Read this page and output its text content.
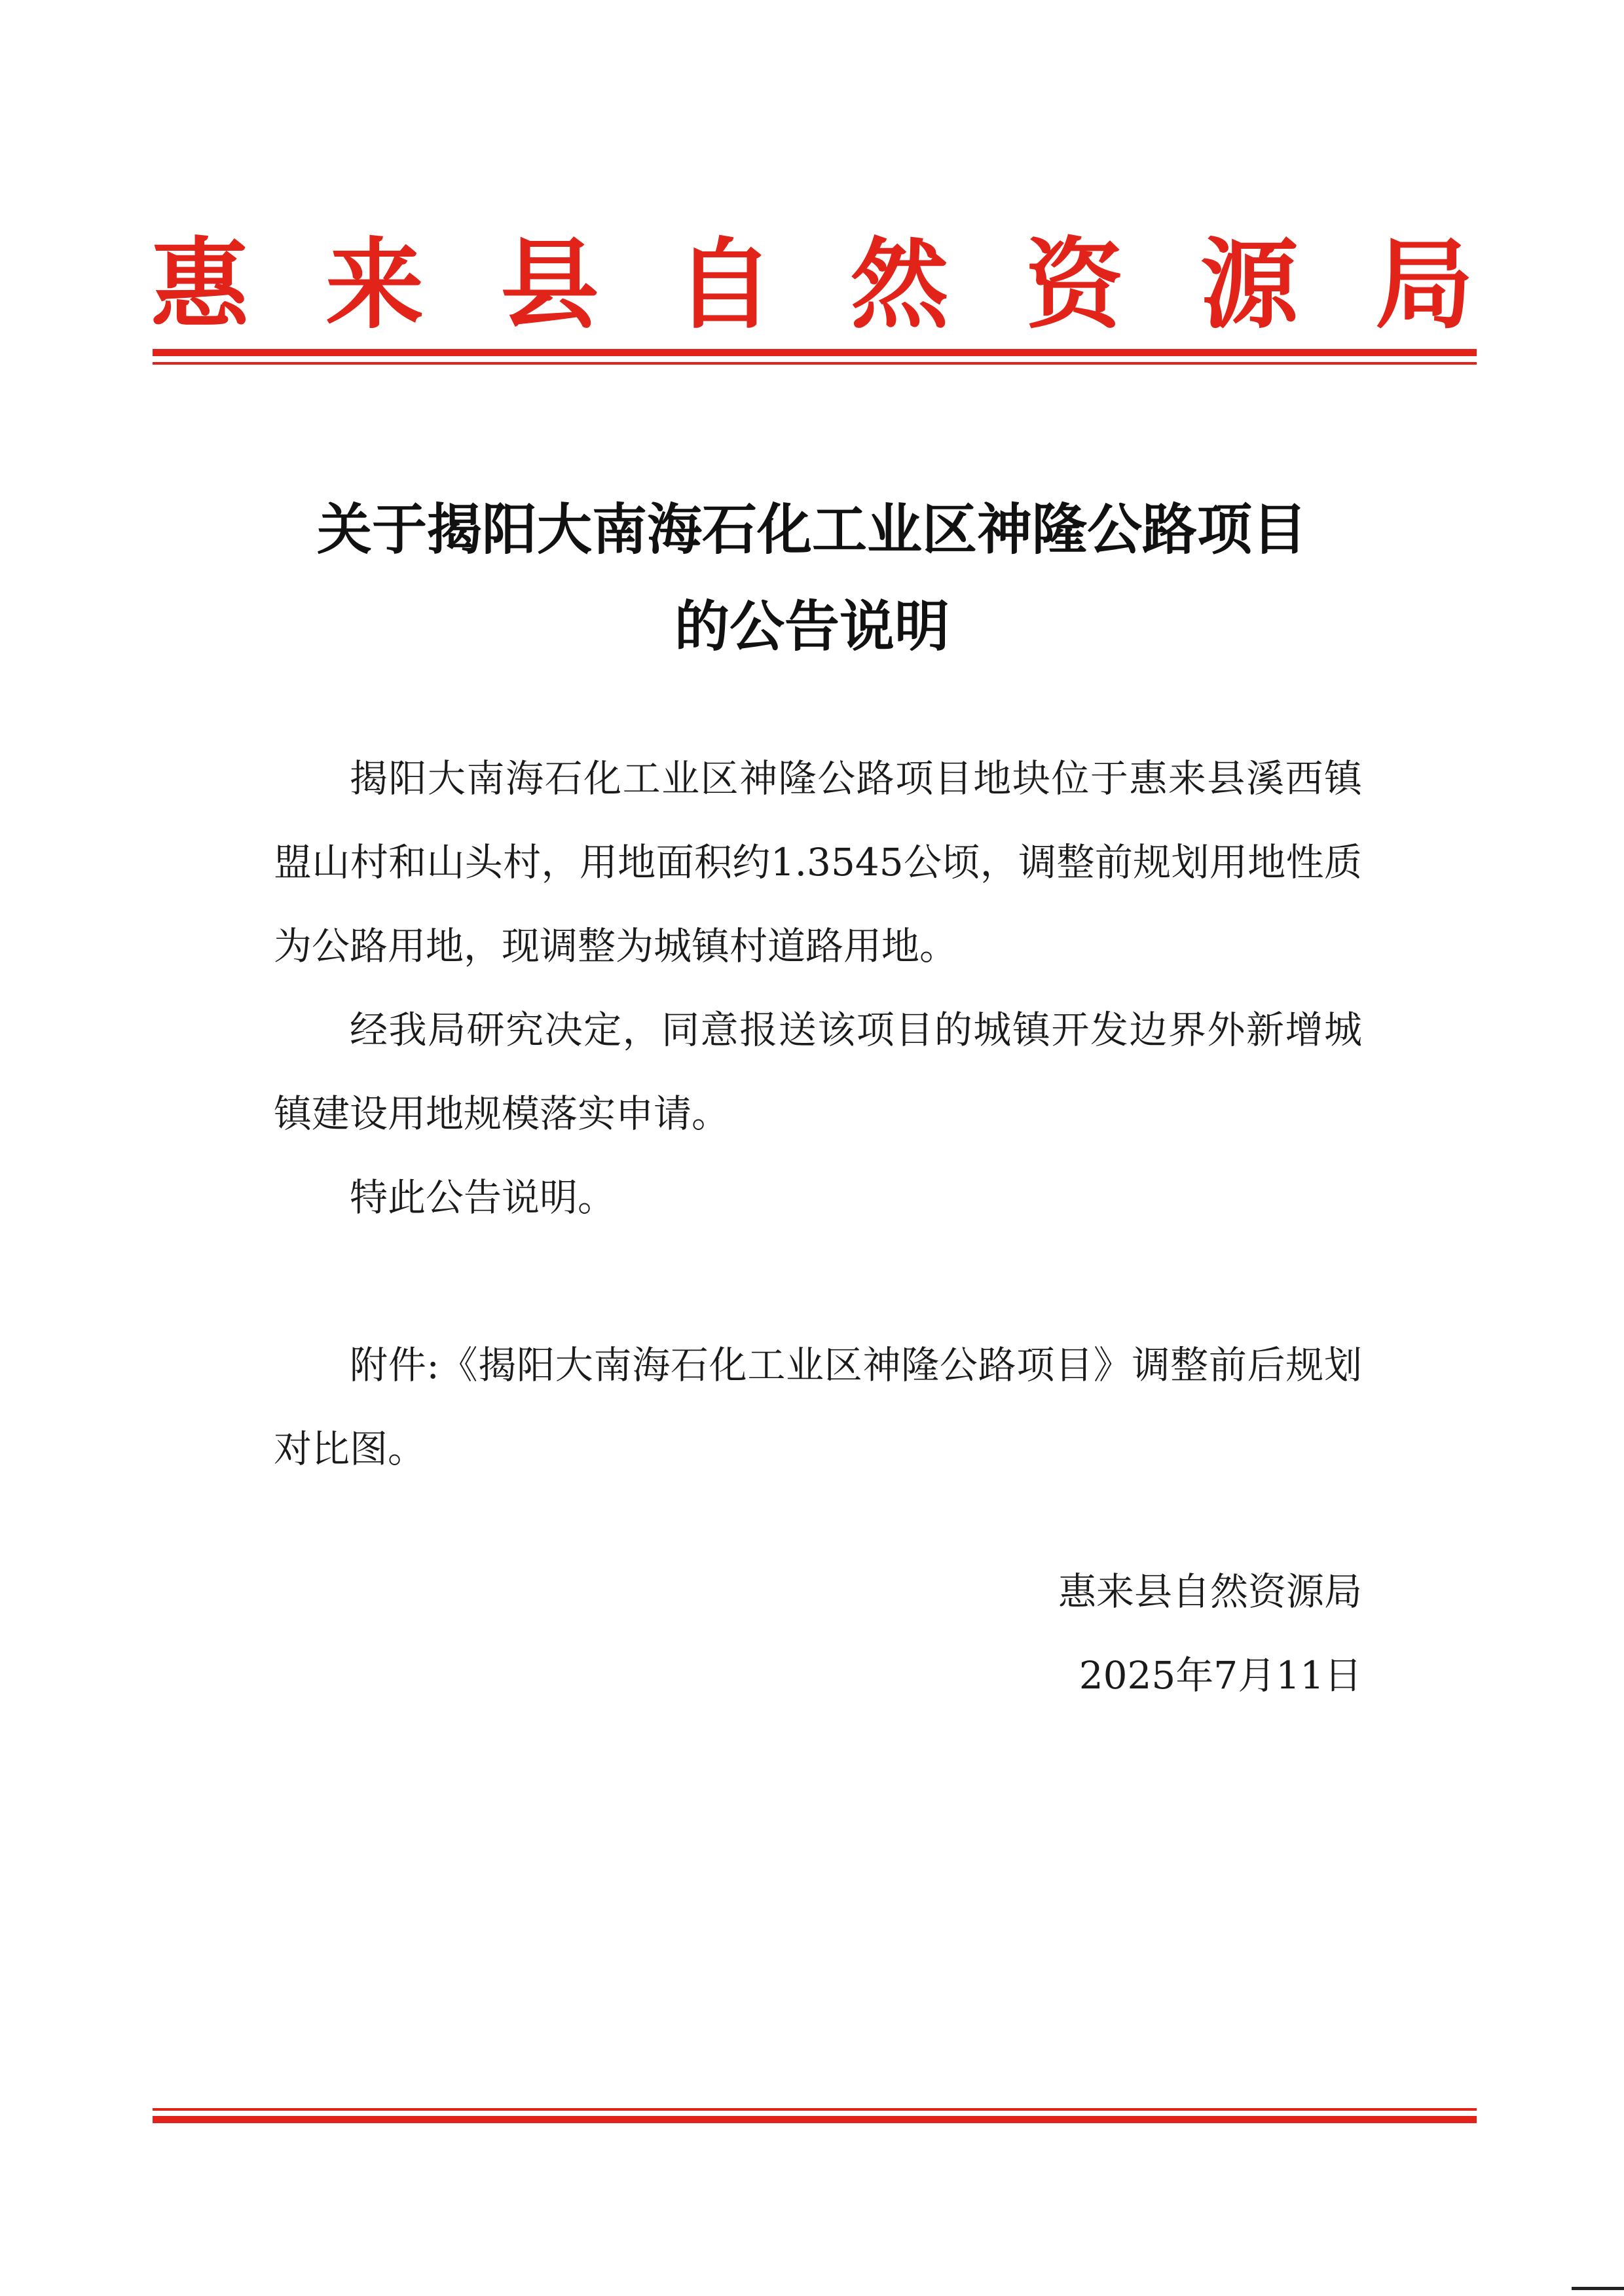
惠来县自然资源局
关于揭阳大南海石化工业区神隆公路项目
的公告说明

揭阳大南海石化工业区神隆公路项目地块位于惠来县溪西镇盟山村和山头村，用地面积约1.3545公顷，调整前规划用地性质为公路用地，现调整为城镇村道路用地。

经我局研究决定，同意报送该项目的城镇开发边界外新增城镇建设用地规模落实申请。

特此公告说明。

附件:《揭阳大南海石化工业区神隆公路项目》调整前后规划对比图。

惠来县自然资源局
2025年7月11日
